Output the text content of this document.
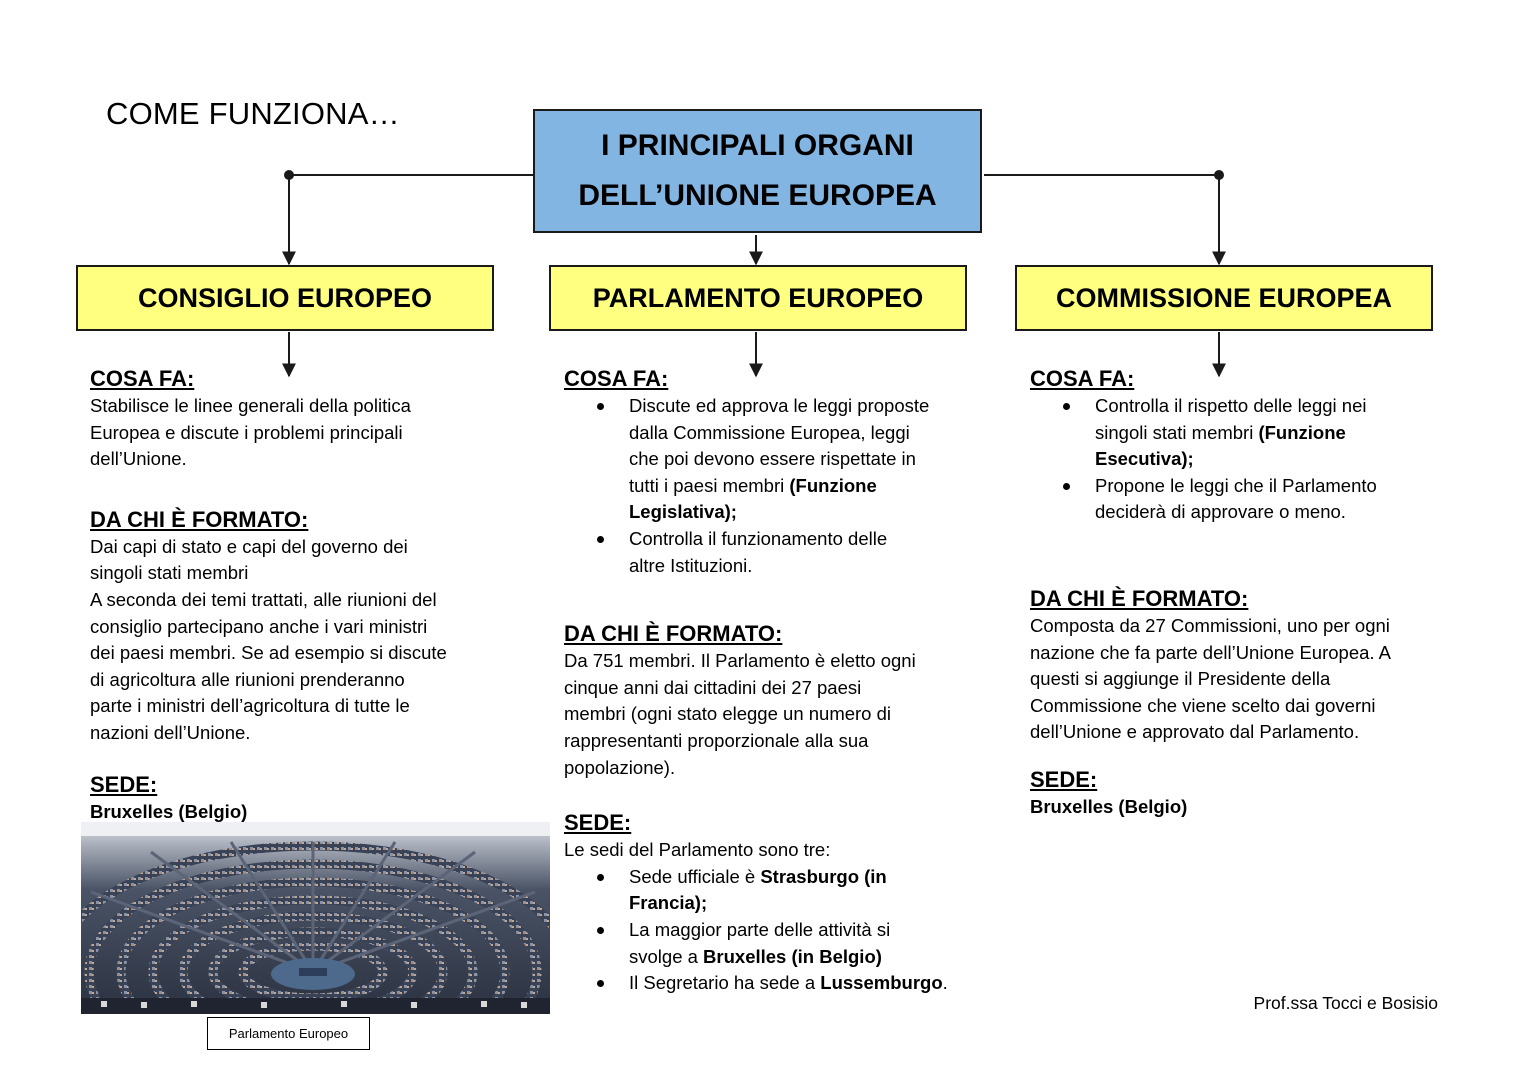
COME FUNZIONA…
I PRINCIPALI ORGANI
DELL’UNIONE EUROPEA
CONSIGLIO EUROPEO	PARLAMENTO EUROPEO	COMMISSIONE EUROPEA

COSA FA:

Stabilisce le linee generali della politica

Europea e discute i problemi principali

dell’Unione.

DA CHI È FORMATO:

Dai capi di stato e capi del governo dei

singoli stati membri

A seconda dei temi trattati, alle riunioni del

consiglio partecipano anche i vari ministri

dei paesi membri. Se ad esempio si discute

di agricoltura alle riunioni prenderanno

parte i ministri dell’agricoltura di tutte le

nazioni dell’Unione.

SEDE:

Bruxelles (Belgio)

COSA FA:

Discute ed approva le leggi proposte
dalla Commissione Europea, leggi
che poi devono essere rispettate in
tutti i paesi membri (Funzione
Legislativa);
Controlla il funzionamento delle
altre Istituzioni.

DA CHI È FORMATO:

Da 751 membri. Il Parlamento è eletto ogni

cinque anni dai cittadini dei 27 paesi

membri (ogni stato elegge un numero di

rappresentanti proporzionale alla sua

popolazione).

SEDE:

Le sedi del Parlamento sono tre:

Sede ufficiale è Strasburgo (in
Francia);
La maggior parte delle attività si
svolge a Bruxelles (in Belgio)
Il Segretario ha sede a Lussemburgo.

COSA FA:

Controlla il rispetto delle leggi nei
singoli stati membri (Funzione
Esecutiva);
Propone le leggi che il Parlamento
deciderà di approvare o meno.

DA CHI È FORMATO:

Composta da 27 Commissioni, uno per ogni

nazione che fa parte dell’Unione Europea. A

questi si aggiunge il Presidente della

Commissione che viene scelto dai governi

dell’Unione e approvato dal Parlamento.

SEDE:

Bruxelles (Belgio)

Parlamento Europeo
Prof.ssa Tocci e Bosisio
